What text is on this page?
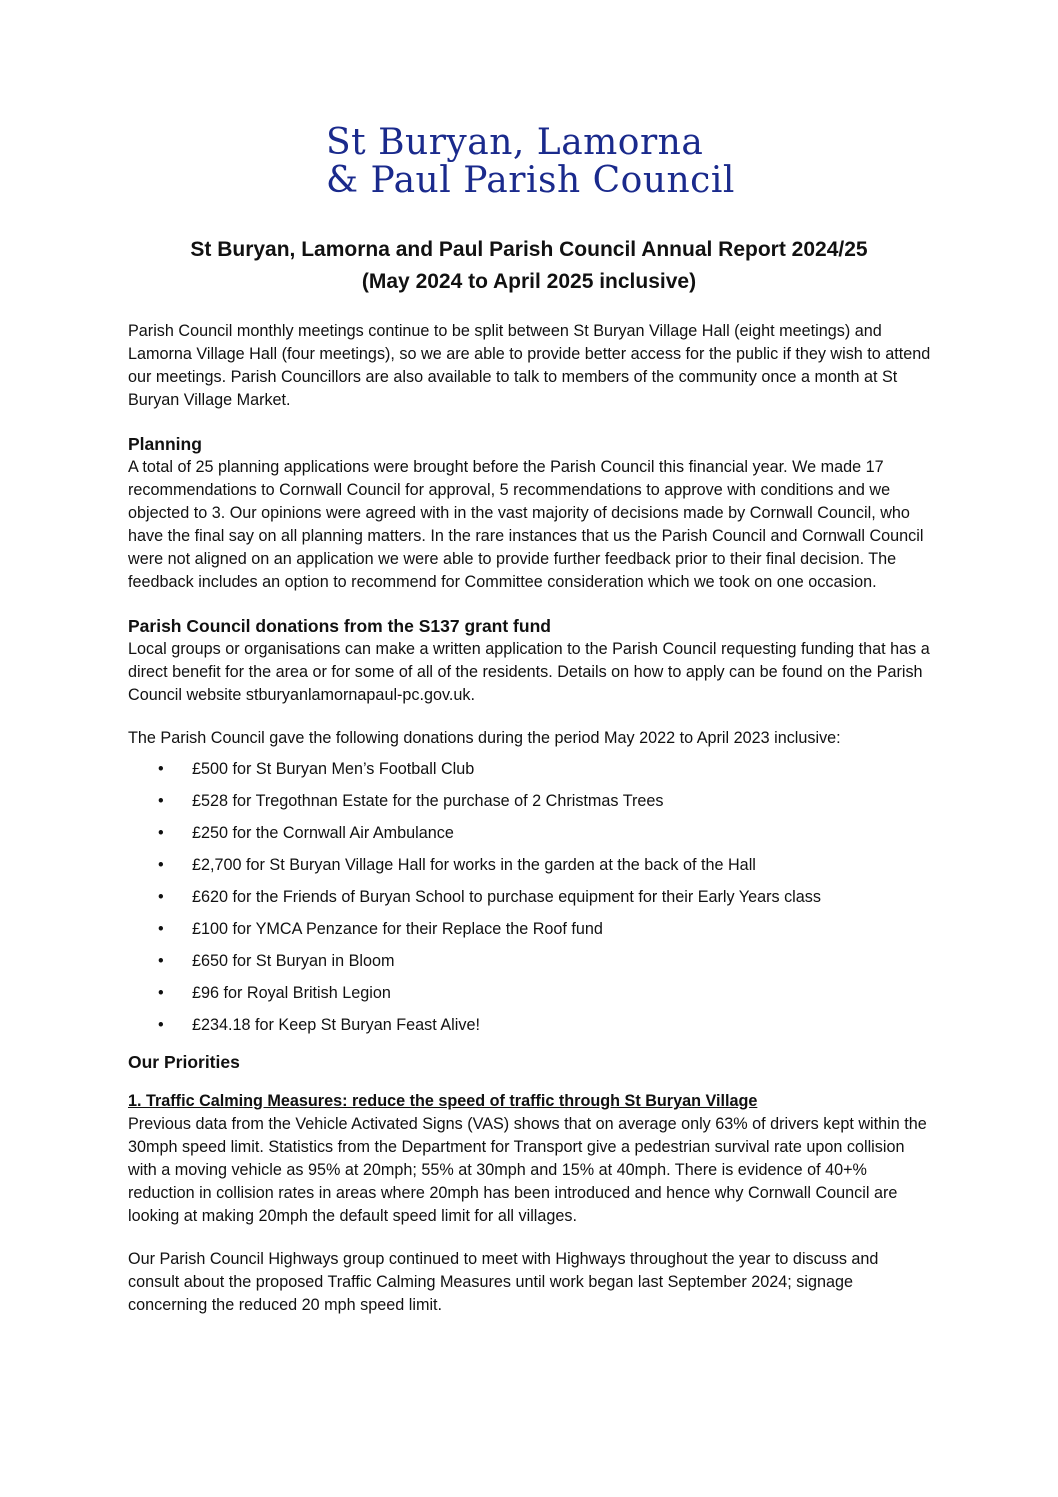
St Buryan, Lamorna
& Paul Parish Council
St Buryan, Lamorna and Paul Parish Council Annual Report 2024/25
(May 2024 to April 2025 inclusive)

Parish Council monthly meetings continue to be split between St Buryan Village Hall (eight meetings) and Lamorna Village Hall (four meetings), so we are able to provide better access for the public if they wish to attend our meetings. Parish Councillors are also available to talk to members of the community once a month at St Buryan Village Market.

Planning

A total of 25 planning applications were brought before the Parish Council this financial year. We made 17 recommendations to Cornwall Council for approval, 5 recommendations to approve with conditions and we objected to 3. Our opinions were agreed with in the vast majority of decisions made by Cornwall Council, who have the final say on all planning matters. In the rare instances that us the Parish Council and Cornwall Council were not aligned on an application we were able to provide further feedback prior to their final decision. The feedback includes an option to recommend for Committee consideration which we took on one occasion.

Parish Council donations from the S137 grant fund

Local groups or organisations can make a written application to the Parish Council requesting funding that has a direct benefit for the area or for some of all of the residents. Details on how to apply can be found on the Parish Council website stburyanlamornapaul-pc.gov.uk.

The Parish Council gave the following donations during the period May 2022 to April 2023 inclusive:

• £500 for St Buryan Men’s Football Club
• £528 for Tregothnan Estate for the purchase of 2 Christmas Trees
• £250 for the Cornwall Air Ambulance
• £2,700 for St Buryan Village Hall for works in the garden at the back of the Hall
• £620 for the Friends of Buryan School to purchase equipment for their Early Years class
• £100 for YMCA Penzance for their Replace the Roof fund
• £650 for St Buryan in Bloom
• £96 for Royal British Legion
• £234.18 for Keep St Buryan Feast Alive!
Our Priorities

1. Traffic Calming Measures: reduce the speed of traffic through St Buryan Village

Previous data from the Vehicle Activated Signs (VAS) shows that on average only 63% of drivers kept within the 30mph speed limit. Statistics from the Department for Transport give a pedestrian survival rate upon collision with a moving vehicle as 95% at 20mph; 55% at 30mph and 15% at 40mph. There is evidence of 40+% reduction in collision rates in areas where 20mph has been introduced and hence why Cornwall Council are looking at making 20mph the default speed limit for all villages.

Our Parish Council Highways group continued to meet with Highways throughout the year to discuss and consult about the proposed Traffic Calming Measures until work began last September 2024; signage concerning the reduced 20 mph speed limit.
